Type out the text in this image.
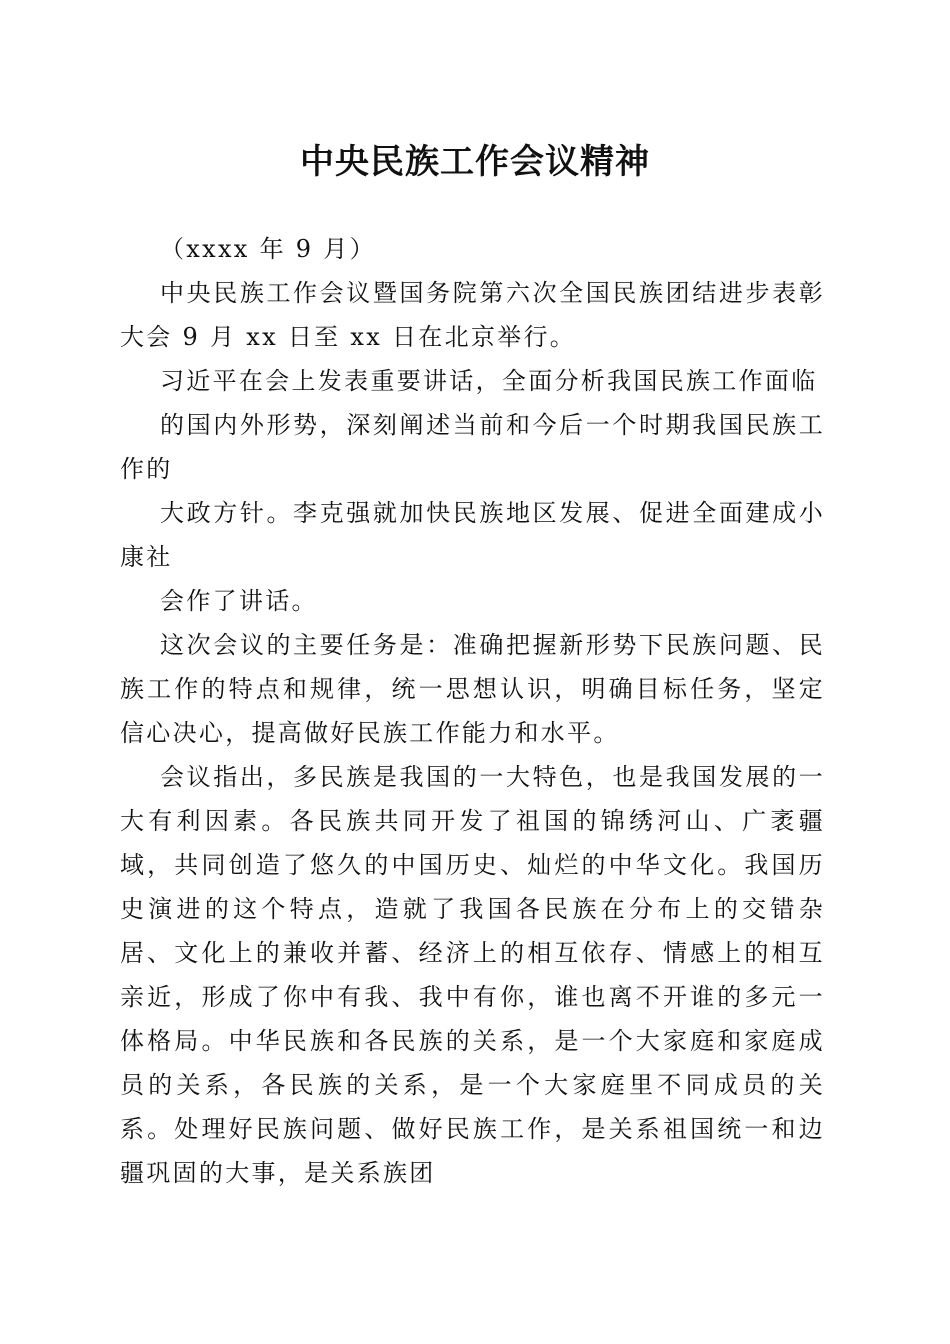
中央民族工作会议精神

（xxxx 年 9 月）

中央民族工作会议暨国务院第六次全国民族团结进步表彰大会 9 月 xx 日至 xx 日在北京举行。

习近平在会上发表重要讲话，全面分析我国民族工作面临

的国内外形势，深刻阐述当前和今后一个时期我国民族工作的

大政方针。李克强就加快民族地区发展、促进全面建成小康社

会作了讲话。

这次会议的主要任务是：准确把握新形势下民族问题、民族工作的特点和规律，统一思想认识，明确目标任务，坚定信心决心，提高做好民族工作能力和水平。

会议指出，多民族是我国的一大特色，也是我国发展的一大有利因素。各民族共同开发了祖国的锦绣河山、广袤疆域，共同创造了悠久的中国历史、灿烂的中华文化。我国历史演进的这个特点，造就了我国各民族在分布上的交错杂居、文化上的兼收并蓄、经济上的相互依存、情感上的相互亲近，形成了你中有我、我中有你，谁也离不开谁的多元一体格局。中华民族和各民族的关系，是一个大家庭和家庭成员的关系，各民族的关系，是一个大家庭里不同成员的关系。处理好民族问题、做好民族工作，是关系祖国统一和边疆巩固的大事，是关系族团
